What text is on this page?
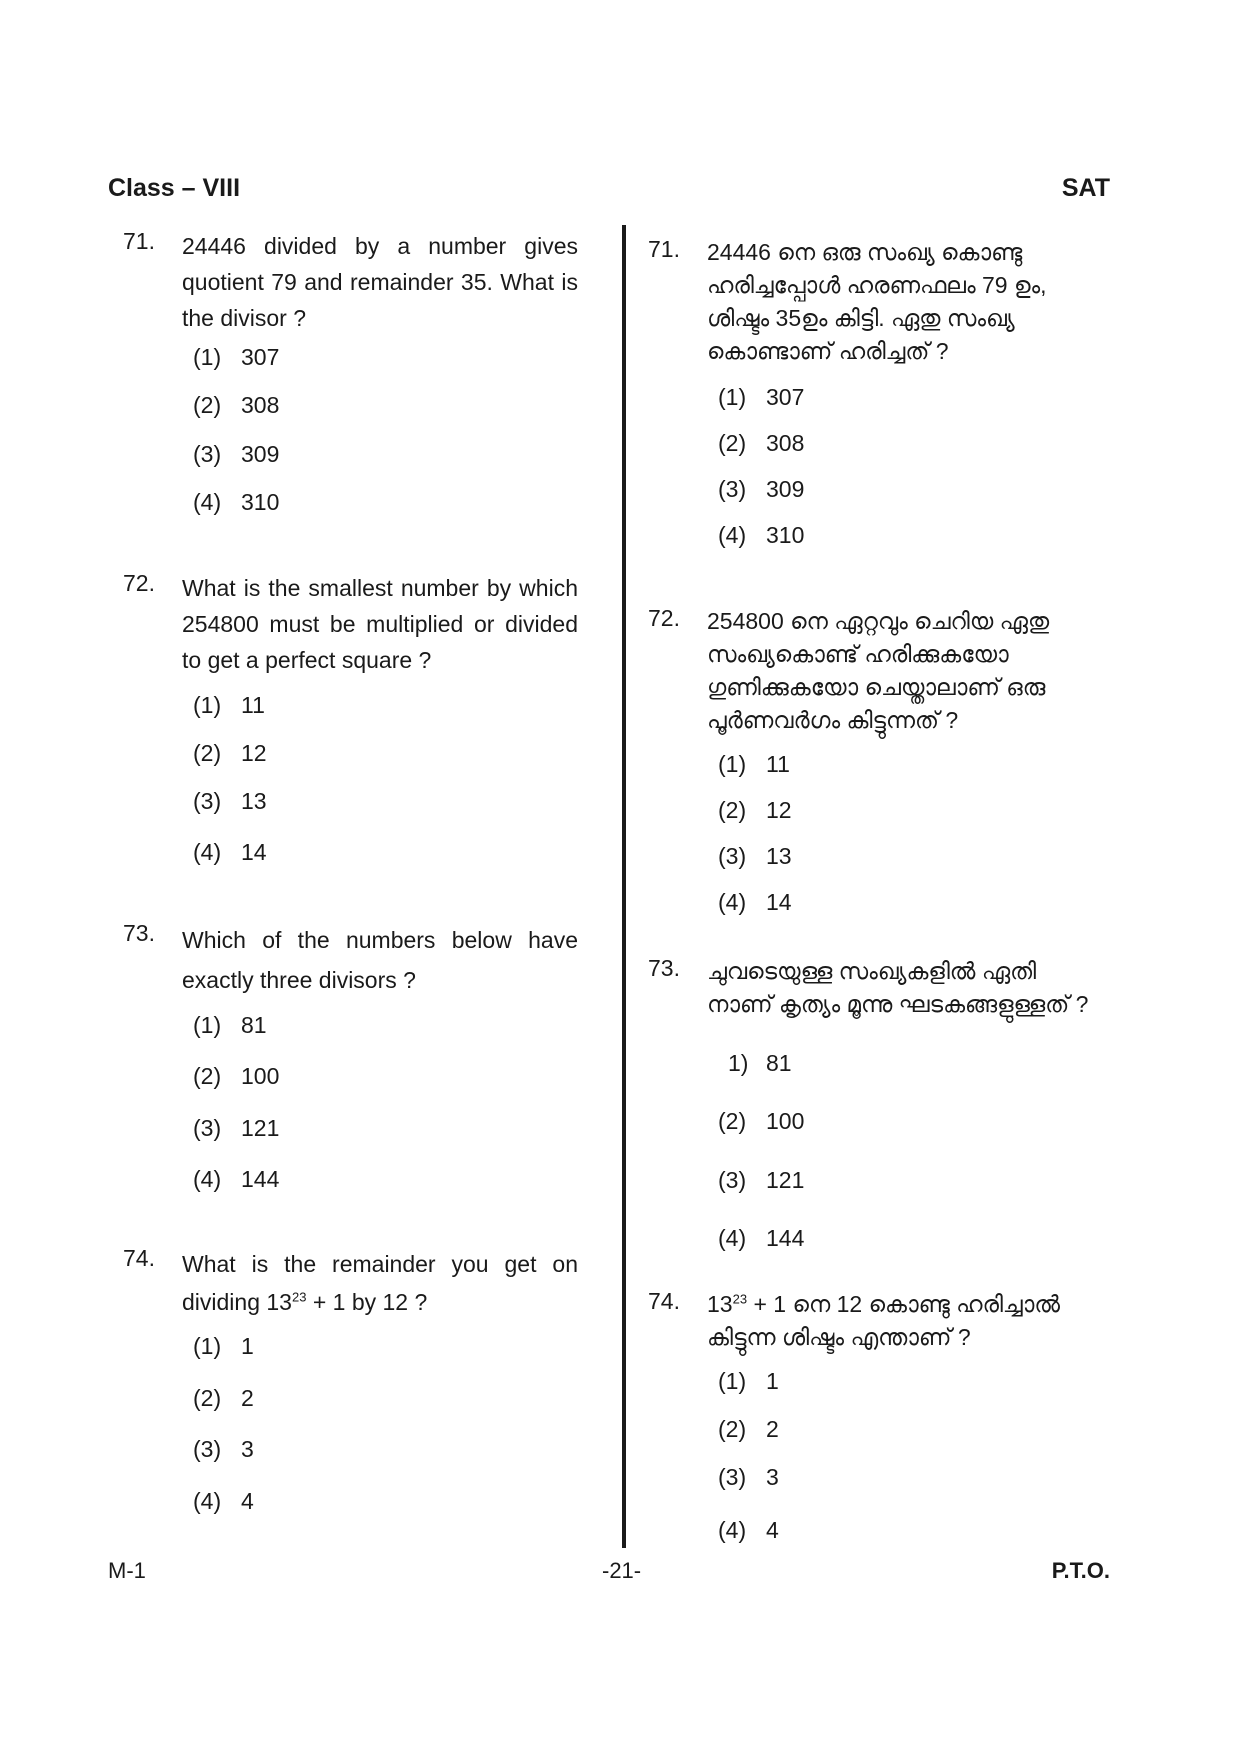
Class – VIII	SAT
71. 24446 divided by a number gives quotient 79 and remainder 35. What is the divisor ?
(1) 307
(2) 308
(3) 309
(4) 310
72. What is the smallest number by which 254800 must be multiplied or divided to get a perfect square ?
(1) 11
(2) 12
(3) 13
(4) 14
73. Which of the numbers below have exactly three divisors ?
(1) 81
(2) 100
(3) 121
(4) 144
74. What is the remainder you get on dividing $13^{23} + 1$ by 12 ?
(1) 1
(2) 2
(3) 3
(4) 4
71. 24446 നെ ഒരു സംഖ്യ കൊണ്ടു
ഹരിച്ചപ്പോൾ ഹരണഫലം 79 ഉം,
ശിഷ്ടം 35ഉം കിട്ടി. ഏതു സംഖ്യ
കൊണ്ടാണ് ഹരിച്ചത് ?
(1) 307
(2) 308
(3) 309
(4) 310
72. 254800 നെ ഏറ്റവും ചെറിയ ഏതു
സംഖ്യകൊണ്ട് ഹരിക്കുകയോ
ഗുണിക്കുകയോ ചെയ്താലാണ് ഒരു
പൂർണവർഗം കിട്ടുന്നത് ?
(1) 11
(2) 12
(3) 13
(4) 14
73. ചുവടെയുള്ള സംഖ്യകളിൽ ഏതി
നാണ് കൃത്യം മൂന്നു ഘടകങ്ങളുള്ളത് ?
1) 81
(2) 100
(3) 121
(4) 144
74. $13^{23} + 1$ നെ 12 കൊണ്ടു ഹരിച്ചാൽ
കിട്ടുന്ന ശിഷ്ടം എന്താണ് ?
(1) 1
(2) 2
(3) 3
(4) 4
M-1	-21-	P.T.O.
